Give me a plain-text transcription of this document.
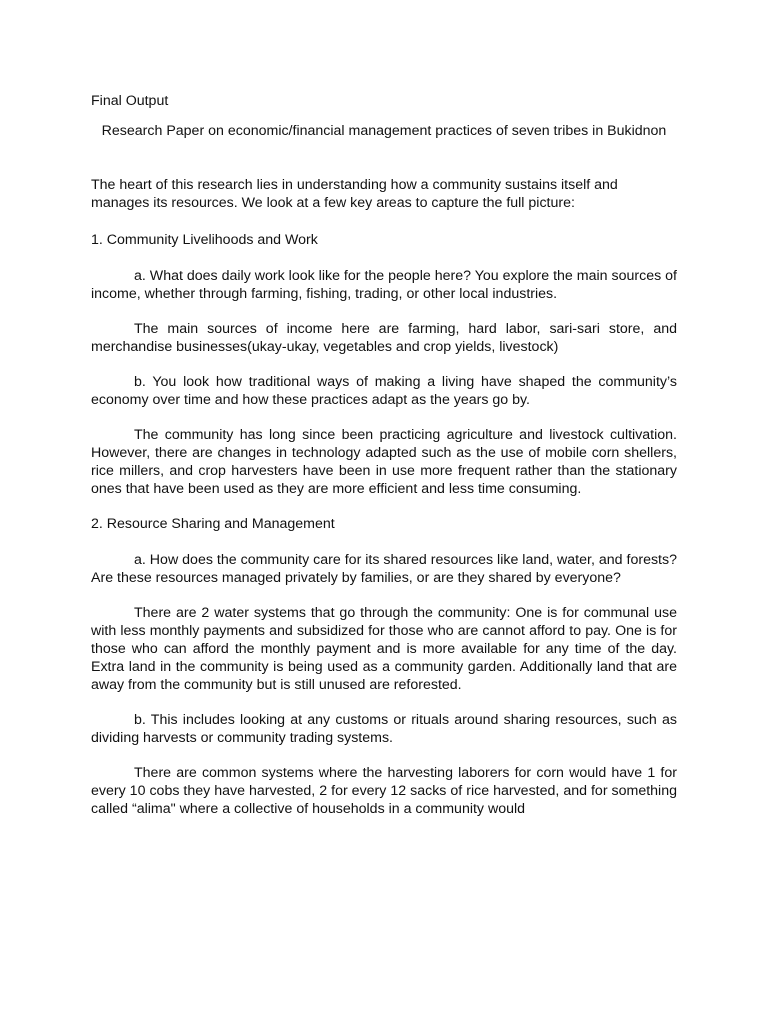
Final Output

Research Paper on economic/financial management practices of seven tribes in Bukidnon

The heart of this research lies in understanding how a community sustains itself and manages its resources. We look at a few key areas to capture the full picture:

1. Community Livelihoods and Work

a. What does daily work look like for the people here? You explore the main sources of income, whether through farming, fishing, trading, or other local industries.

The main sources of income here are farming, hard labor, sari-sari store, and merchandise businesses(ukay-ukay, vegetables and crop yields, livestock)

b. You look how traditional ways of making a living have shaped the community’s economy over time and how these practices adapt as the years go by.

The community has long since been practicing agriculture and livestock cultivation. However, there are changes in technology adapted such as the use of mobile corn shellers, rice millers, and crop harvesters have been in use more frequent rather than the stationary ones that have been used as they are more efficient and less time consuming.

2. Resource Sharing and Management

a. How does the community care for its shared resources like land, water, and forests? Are these resources managed privately by families, or are they shared by everyone?

There are 2 water systems that go through the community: One is for communal use with less monthly payments and subsidized for those who are cannot afford to pay. One is for those who can afford the monthly payment and is more available for any time of the day. Extra land in the community is being used as a community garden. Additionally land that are away from the community but is still unused are reforested.

b. This includes looking at any customs or rituals around sharing resources, such as dividing harvests or community trading systems.

There are common systems where the harvesting laborers for corn would have 1 for every 10 cobs they have harvested, 2 for every 12 sacks of rice harvested, and for something called “alima" where a collective of households in a community would
